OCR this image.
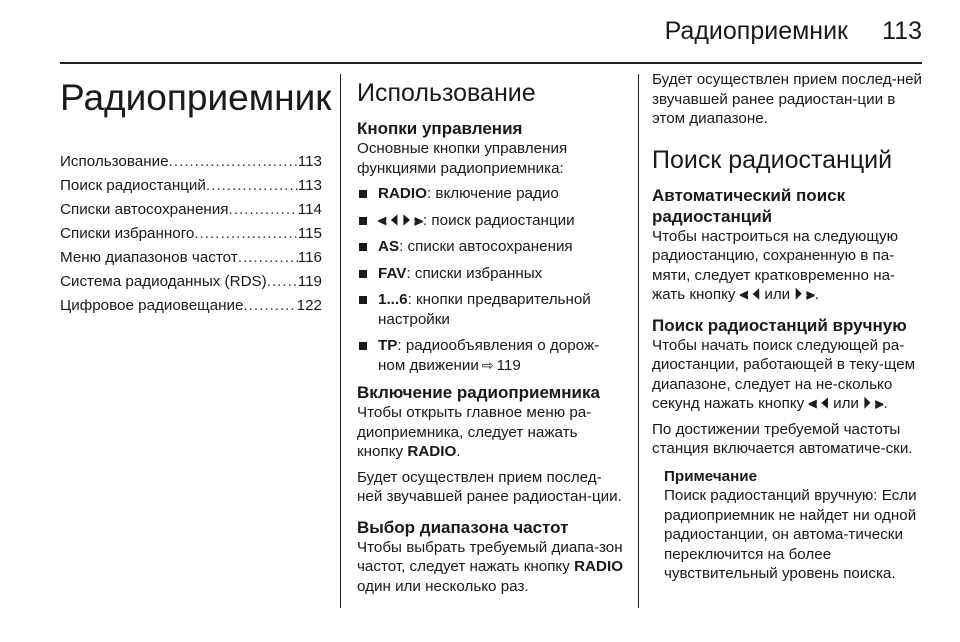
Радиоприемник 113
Радиоприемник
Использование .....	113
Поиск радиостанций .....	113
Списки автосохранения .....	114
Списки избранного .....	115
Меню диапазонов частот .....	116
Система радиоданных (RDS) ..... 119
Цифровое радиовещание .....	122
Использование
Кнопки управления

Основные кнопки управления функциями радиоприемника:

RADIO: включение радио
⫷ ⏴ ⏵ ⫸: поиск радиостанции
AS: списки автосохранения
FAV: списки избранных
1...6: кнопки предварительной настройки
TP: радиообъявления о дорож-ном движении ⇨ 119
Включение радиоприемника

Чтобы открыть главное меню ра-диоприемника, следует нажать кнопку RADIO.

Будет осуществлен прием послед-ней звучавшей ранее радиостан-ции.

Выбор диапазона частот

Чтобы выбрать требуемый диапа-зон частот, следует нажать кнопку RADIO один или несколько раз.

Будет осуществлен прием послед-ней звучавшей ранее радиостан-ции в этом диапазоне.

Поиск радиостанций
Автоматический поиск радиостанций

Чтобы настроиться на следующую радиостанцию, сохраненную в па-мяти, следует кратковременно на-жать кнопку ⫷ ⏴ или ⏵ ⫸.

Поиск радиостанций вручную

Чтобы начать поиск следующей ра-диостанции, работающей в теку-щем диапазоне, следует на не-сколько секунд нажать кнопку ⫷ ⏴ или ⏵ ⫸.

По достижении требуемой частоты станция включается автоматиче-ски.

Примечание

Поиск радиостанций вручную: Если радиоприемник не найдет ни одной радиостанции, он автома-тически переключится на более чувствительный уровень поиска.
